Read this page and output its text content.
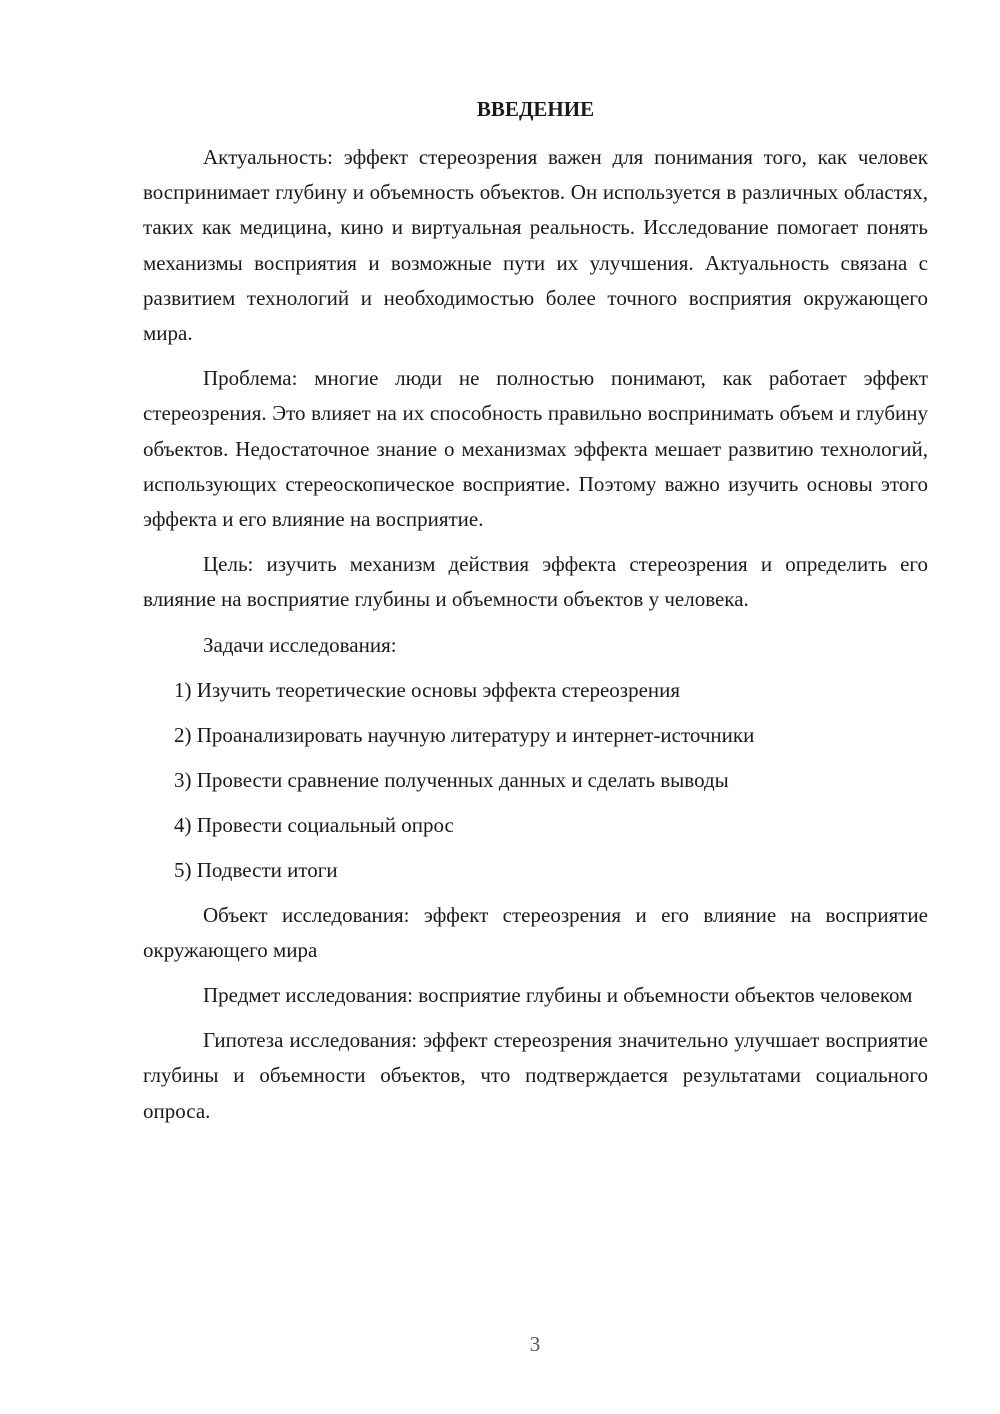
ВВЕДЕНИЕ

Актуальность: эффект стереозрения важен для понимания того, как человек воспринимает глубину и объемность объектов. Он используется в различных областях, таких как медицина, кино и виртуальная реальность. Исследование помогает понять механизмы восприятия и возможные пути их улучшения. Актуальность связана с развитием технологий и необходимостью более точного восприятия окружающего мира.

Проблема: многие люди не полностью понимают, как работает эффект стереозрения. Это влияет на их способность правильно воспринимать объем и глубину объектов. Недостаточное знание о механизмах эффекта мешает развитию технологий, использующих стереоскопическое восприятие. Поэтому важно изучить основы этого эффекта и его влияние на восприятие.

Цель: изучить механизм действия эффекта стереозрения и определить его влияние на восприятие глубины и объемности объектов у человека.

Задачи исследования:

1) Изучить теоретические основы эффекта стереозрения

2) Проанализировать научную литературу и интернет-источники

3) Провести сравнение полученных данных и сделать выводы

4) Провести социальный опрос

5) Подвести итоги

Объект исследования: эффект стереозрения и его влияние на восприятие окружающего мира

Предмет исследования: восприятие глубины и объемности объектов человеком

Гипотеза исследования: эффект стереозрения значительно улучшает восприятие глубины и объемности объектов, что подтверждается результатами социального опроса.

3
